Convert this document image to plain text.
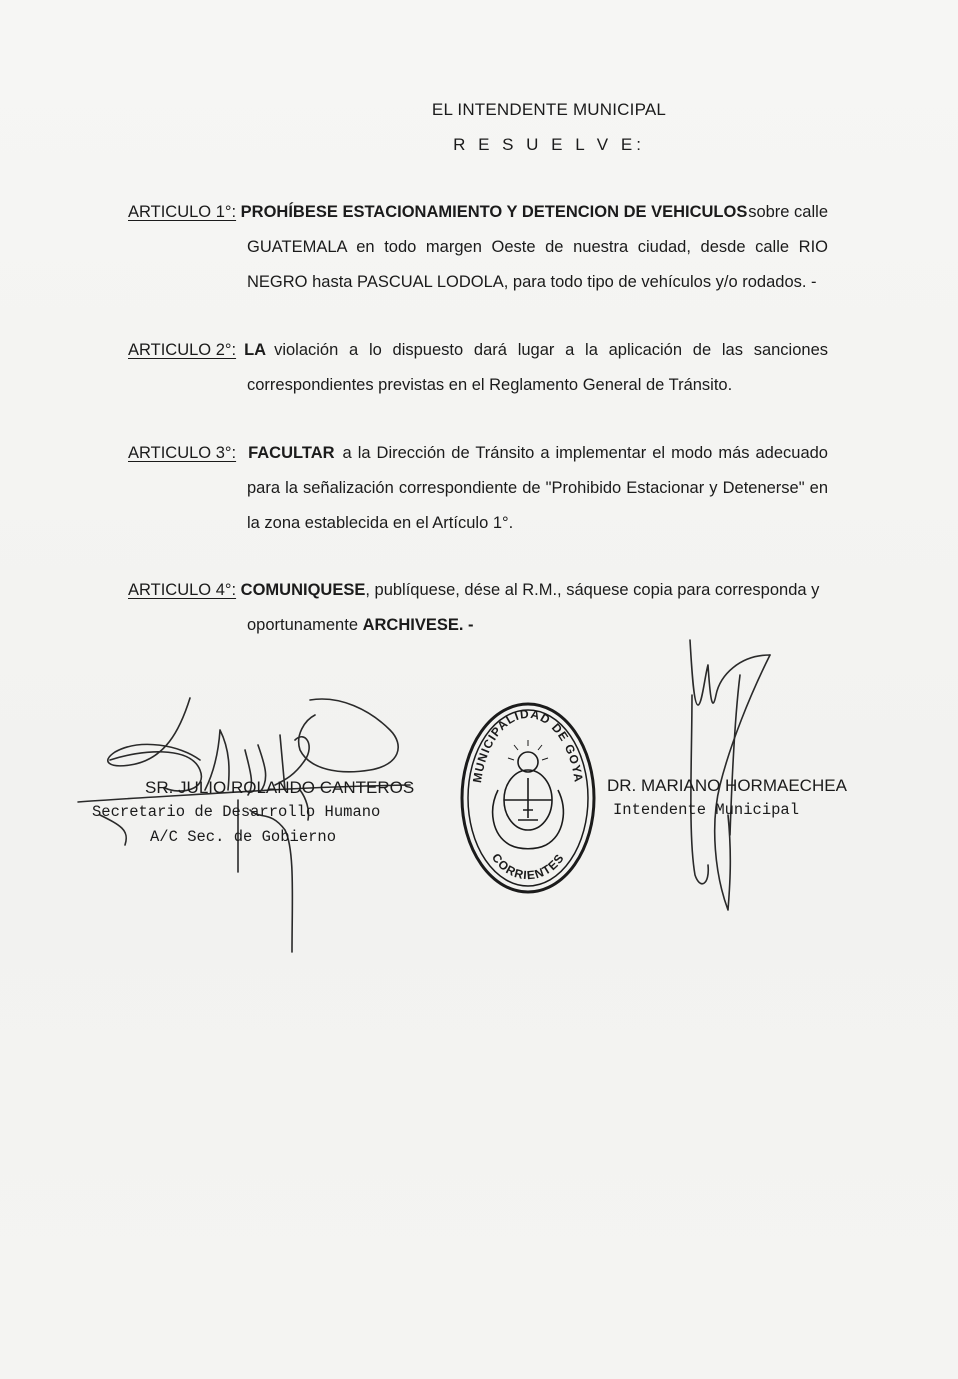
EL INTENDENTE MUNICIPAL
R E S U E L V E:
ARTICULO 1°: PROHÍBESE ESTACIONAMIENTO Y DETENCION DE VEHICULOS sobre calle
GUATEMALA en todo margen Oeste de nuestra ciudad, desde calle RIO
NEGRO hasta PASCUAL LODOLA, para todo tipo de vehículos y/o rodados. -
ARTICULO 2°: LA violación a lo dispuesto dará lugar a la aplicación de las sanciones
correspondientes previstas en el Reglamento General de Tránsito.
ARTICULO 3°: FACULTAR a la Dirección de Tránsito a implementar el modo más adecuado
para la señalización correspondiente de "Prohibido Estacionar y Detenerse" en
la zona establecida en el Artículo 1°.
ARTICULO 4°: COMUNIQUESE, publíquese, dése al R.M., sáquese copia para corresponda y
oportunamente ARCHIVESE. -
SR. JULIO ROLANDO CANTEROS
Secretario de Desarrollo Humano
A/C Sec. de Gobierno
MUNICIPALIDAD DE GOYA
CORRIENTES
DR. MARIANO HORMAECHEA
Intendente Municipal
